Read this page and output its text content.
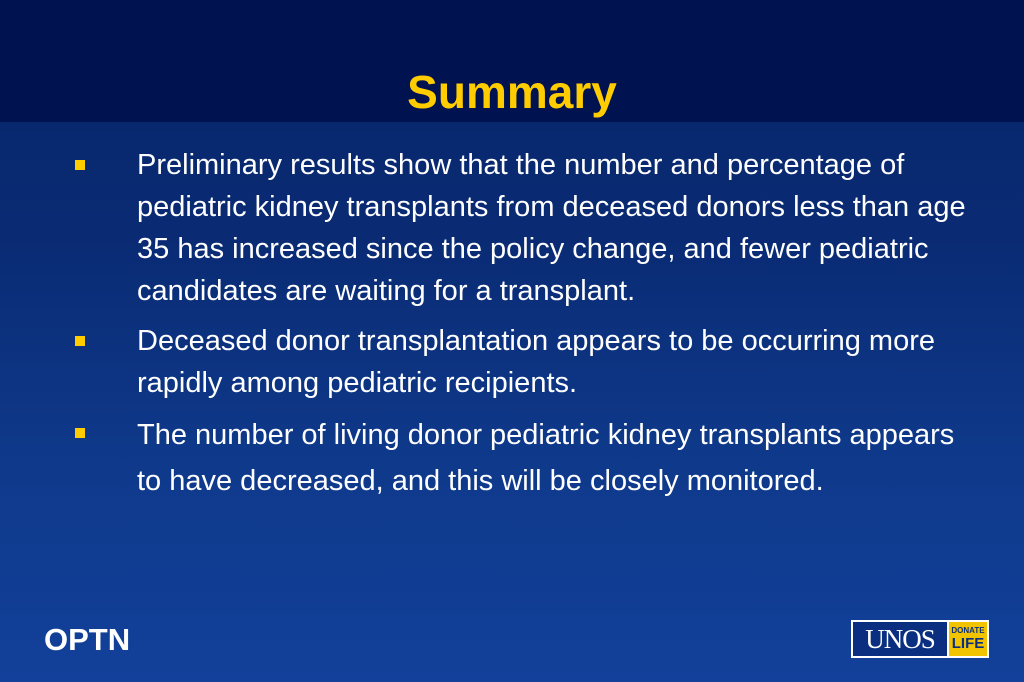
Summary
Preliminary results show that the number and percentage of pediatric kidney transplants from deceased donors less than age 35 has increased since the policy change, and fewer pediatric candidates are waiting for a transplant.
Deceased donor transplantation appears to be occurring more rapidly among pediatric recipients.
The number of living donor pediatric kidney transplants appears to have decreased, and this will be closely monitored.
OPTN	UNOS	DONATE
LIFE
